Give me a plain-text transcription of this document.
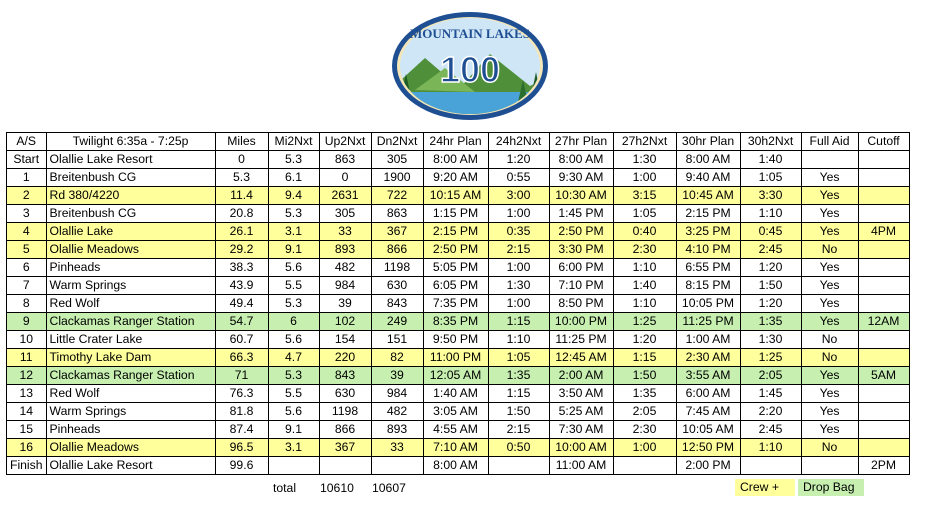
MOUNTAIN LAKES
100
A/S	Twilight 6:35a - 7:25p	Miles	Mi2Nxt	Up2Nxt	Dn2Nxt	24hr Plan	24h2Nxt	27hr Plan	27h2Nxt	30hr Plan	30h2Nxt	Full Aid	Cutoff
Start	Olallie Lake Resort	0	5.3	863	305	8:00 AM	1:20	8:00 AM	1:30	8:00 AM	1:40		
1	Breitenbush CG	5.3	6.1	0	1900	9:20 AM	0:55	9:30 AM	1:00	9:40 AM	1:05	Yes	
2	Rd 380/4220	11.4	9.4	2631	722	10:15 AM	3:00	10:30 AM	3:15	10:45 AM	3:30	Yes	
3	Breitenbush CG	20.8	5.3	305	863	1:15 PM	1:00	1:45 PM	1:05	2:15 PM	1:10	Yes	
4	Olallie Lake	26.1	3.1	33	367	2:15 PM	0:35	2:50 PM	0:40	3:25 PM	0:45	Yes	4PM
5	Olallie Meadows	29.2	9.1	893	866	2:50 PM	2:15	3:30 PM	2:30	4:10 PM	2:45	No	
6	Pinheads	38.3	5.6	482	1198	5:05 PM	1:00	6:00 PM	1:10	6:55 PM	1:20	Yes	
7	Warm Springs	43.9	5.5	984	630	6:05 PM	1:30	7:10 PM	1:40	8:15 PM	1:50	Yes	
8	Red Wolf	49.4	5.3	39	843	7:35 PM	1:00	8:50 PM	1:10	10:05 PM	1:20	Yes	
9	Clackamas Ranger Station	54.7	6	102	249	8:35 PM	1:15	10:00 PM	1:25	11:25 PM	1:35	Yes	12AM
10	Little Crater Lake	60.7	5.6	154	151	9:50 PM	1:10	11:25 PM	1:20	1:00 AM	1:30	No	
11	Timothy Lake Dam	66.3	4.7	220	82	11:00 PM	1:05	12:45 AM	1:15	2:30 AM	1:25	No	
12	Clackamas Ranger Station	71	5.3	843	39	12:05 AM	1:35	2:00 AM	1:50	3:55 AM	2:05	Yes	5AM
13	Red Wolf	76.3	5.5	630	984	1:40 AM	1:15	3:50 AM	1:35	6:00 AM	1:45	Yes	
14	Warm Springs	81.8	5.6	1198	482	3:05 AM	1:50	5:25 AM	2:05	7:45 AM	2:20	Yes	
15	Pinheads	87.4	9.1	866	893	4:55 AM	2:15	7:30 AM	2:30	10:05 AM	2:45	Yes	
16	Olallie Meadows	96.5	3.1	367	33	7:10 AM	0:50	10:00 AM	1:00	12:50 PM	1:10	No	
Finish	Olallie Lake Resort	99.6				8:00 AM		11:00 AM		2:00 PM			2PM
total 10610 10607	Crew +	Drop Bag
